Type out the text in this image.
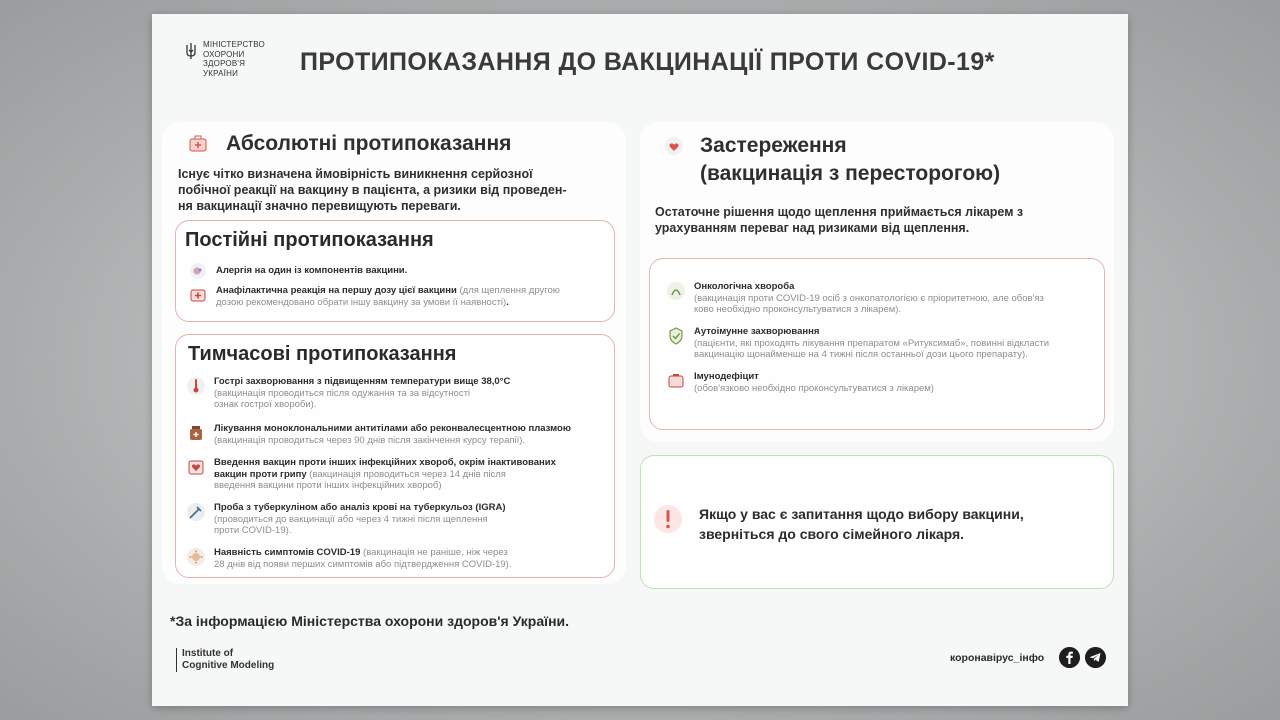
МІНІСТЕРСТВО
ОХОРОНИ
ЗДОРОВ'Я
УКРАЇНИ	ПРОТИПОКАЗАННЯ ДО ВАКЦИНАЦІЇ ПРОТИ COVID-19*
Абсолютні протипоказання
Існує чітко визначена ймовірність виникнення серйозної
побічної реакції на вакцину в пацієнта, а ризики від проведен-
ня вакцинації значно перевищують переваги.
Постійні протипоказання
Алергія на один із компонентів вакцини.
Анафілактична реакція на першу дозу цієї вакцини (для щеплення другою
дозою рекомендовано обрати іншу вакцину за умови її наявності).
Тимчасові протипоказання
Гострі захворювання з підвищенням температури вище 38,0°С
(вакцинація проводиться після одужання та за відсутності
ознак гострої хвороби).
Лікування моноклональними антитілами або реконвалесцентною плазмою
(вакцинація проводиться через 90 днів після закінчення курсу терапії).
Введення вакцин проти інших інфекційних хвороб, окрім інактивованих
вакцин проти грипу (вакцинація проводиться через 14 днів після
введення вакцини проти інших інфекційних хвороб)
Проба з туберкуліном або аналіз крові на туберкульоз (IGRA)
(проводиться до вакцинації або через 4 тижні після щеплення
проти COVID-19).
Наявність симптомів COVID-19 (вакцинація не раніше, ніж через
28 днів від появи перших симптомів або підтвердження COVID-19).
Застереження
(вакцинація з пересторогою)
Остаточне рішення щодо щеплення приймається лікарем з
урахуванням переваг над ризиками від щеплення.
Онкологічна хвороба
(вакцинація проти COVID-19 осіб з онкопатологією є пріоритетною, але обов'яз
ково необхідно проконсультуватися з лікарем).
Аутоімунне захворювання
(пацієнти, які проходять лікування препаратом «Ритуксимаб», повинні відкласти
вакцинацію щонайменше на 4 тижні після останньої дози цього препарату).
Імунодефіцит
(обов'язково необхідно проконсультуватися з лікарем)
Якщо у вас є запитання щодо вибору вакцини,
зверніться до свого сімейного лікаря.
*За інформацією Міністерства охорони здоров'я України.
Institute of
Cognitive Modeling
коронавірус_інфо
